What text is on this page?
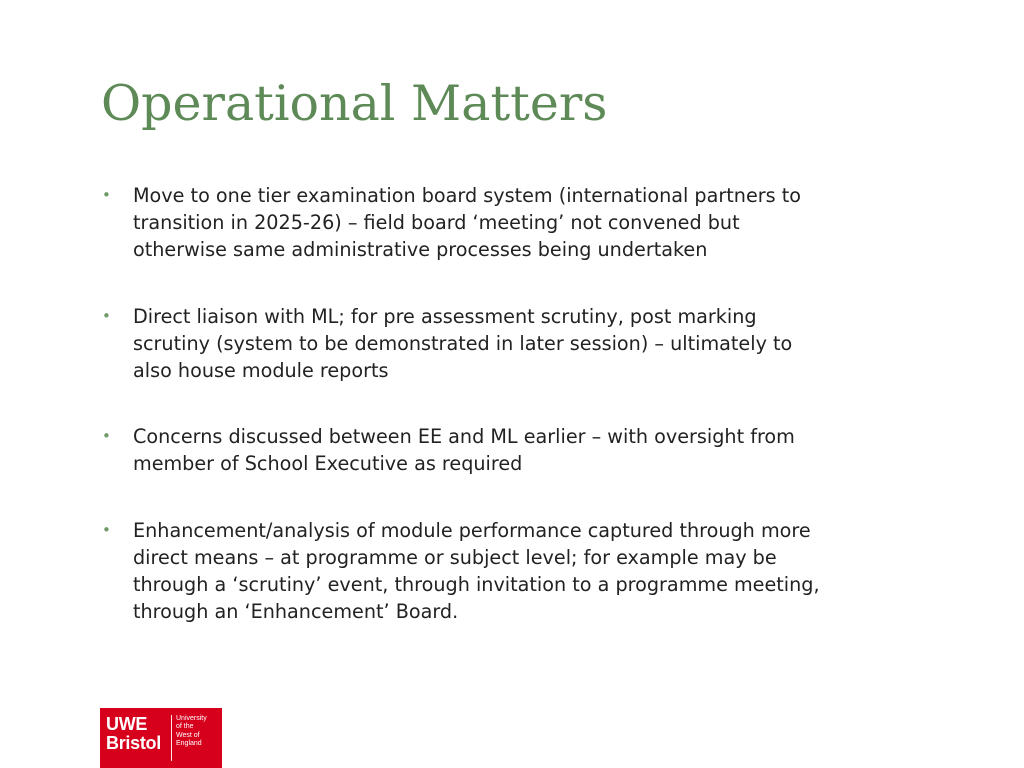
Operational Matters
• Move to one tier examination board system (international partners to transition in 2025-26) – field board ‘meeting’ not convened but otherwise same administrative processes being undertaken
• Direct liaison with ML; for pre assessment scrutiny, post marking scrutiny (system to be demonstrated in later session) – ultimately to also house module reports
• Concerns discussed between EE and ML earlier – with oversight from member of School Executive as required
• Enhancement/analysis of module performance captured through more direct means – at programme or subject level; for example may be through a ‘scrutiny’ event, through invitation to a programme meeting, through an ‘Enhancement’ Board.
UWE
Bristol
University
of the
West of
England
